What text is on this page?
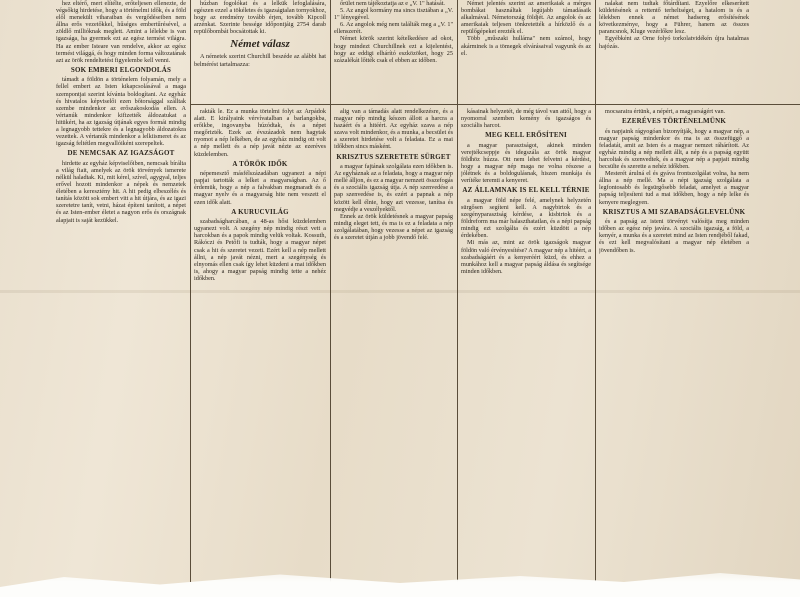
hez eltérő, mert elítélte, erőteljesen ellenezte, de végsőkig hirdetése, hogy a történelmi idők, és a föld elől menekült viharaiban és vergődéseiben nem állna erős vezetőkkel, hűséges embertűrésével, a zöldlő millióknak meglett. Amint a lélekbe is van igazsága, ha gyermek ezt az egész termést világra. Ha az ember Isteare van rendelve, akkor az egész termést világgá, és hogy minden forma változatának azt az örök rendeltetést figyelembe kell venni.

SOK EMBERI ELGONDOLÁS

támadt a földön a történelem folyamán, mely a fellel embert az Isten kikapcsolásával a maga szempontjai szerint kívánta boldogítani. Az egyház és hivatalos képviselői ezen bőtorsággal szálltak szembe mindenkor az erőszakoskodás ellen. A vértanúk mindenkor kifizették áldozatukat a hitükért, ha az igazság útjának egyes formái mindig a legnagyobb tettekre és a legnagyobb áldozatokra vezettek. A vértanúk mindenkor a lelkiismeret és az igazság feltétlen megvallóiként szerepeltek.

DE NEMCSAK AZ IGAZSÁGOT

hirdette az egyház képviselőiben, nemcsak bírálta a világ fiait, amelyek az örök törvények ismerete nélkül haladtak. Ki, mit kérel, szível, agygyal, teljes erővel hozott mindenkor a népek és nemzetek életében a keresztény hit. A hit pedig elbeszélés és tanítás között sok embert vitt a hit útjára, és az igazi szeretetre tanít, vetni, házat építeni tanított, a népet és az Isten-ember életet a nagyon erős és országnak alapjait is saját kezükkel.

húzban fogolókat és a lelkük lefoglalására, egészen ezzel a tökéletes és igazságtalan tornyokhoz, hogy az eredmény tovább érjen, tovább Kipcoll arzénkat. Szerinte bessége időpontjáig 2754 darab repülőbombát bocsátottak ki.

Német válasz

A németek szerint Churchill beszéde az alábbi hat belmérést tartalmazza:

rakták le. Ez a munka törtelmi folyt az Árpádok alatt. E királyaink vérvívatalban a barlangokba, erőikbe, ingovanyba húzódtak, és a népet megőrizték. Ezek az évszázadok nem hagytak nyomot a nép lelkében, de az egyház mindig ott volt a nép mellett és a nép javát nézte az ezeréves küzdelemben.

A TÖRÖK IDŐK

népemesztő másfélszázadában ugyanezt a népi papjai tartották a lelket a magyarságban. Az ő érdemük, hogy a nép a falvakban megmaradt és a magyar nyelv és a magyarság hite nem veszett el ezen idők alatt.

A KURUCVILÁG

szabadságharcában, a 48-as hősi küzdelemben ugyanezt volt. A szegény nép mindig részt vett a harcokban és a papok mindig velük voltak. Kossuth, Rákóczi és Petőfi is tudták, hogy a magyar népet csak a hit és szeretet vezeti. Ezért kell a nép mellett állni, a nép javát nézni, mert a szegénység és elnyomás ellen csak így lehet küzdeni a mai időkben is, ahogy a magyar papság mindig tette a nehéz időkben.

őrület nem tájékoztatja az e „V. 1" hatását.

5. Az angol kormány ma sincs tisztában a „V. 1" lényegével.

6. Az angolok még nem találták meg a „V. 1" ellenszerét.

Német körök szerint kételkedésre ad okot, hogy mindezt Churchillnek ezt a kijelentést, hogy az eddigi elhárító eszközöket, hogy 25 százalékát lőtték csak el ebben az időben.

alig van a támadás alatt rendelkezésre, és a magyar nép mindig készen állott a harcra a hazáért és a hitéért. Az egyház szava a nép szava volt mindenkor, és a munka, a becsület és a szeretet hirdetése volt a feladata. Ez a mai időkben sincs másként.

KRISZTUS SZERETETE SÜRGET

a magyar fajtának szolgálata ezen időkben is. Az egyháznak az a feladata, hogy a magyar nép mellé álljon, és ez a magyar nemzeti összefogás és a szociális igazság útja. A nép szenvedése a pap szenvedése is, és ezért a papnak a nép között kell élnie, hogy azt vezesse, tanítsa és megvédje a veszélyektől.

Ennek az örök küldetésnek a magyar papság mindig eleget tett, és ma is ez a feladata a nép szolgálatában, hogy vezesse a népet az igazság és a szeretet útján a jobb jövendő felé.

Német jelentés szerint az amerikaiak a mérges bombákat használtak legújabb támadásaik alkalmával. Németország földjét. Az angolok és az amerikaiak teljesen tönkretették a hírközlő és a repülőgépeket erezték el.

Több „műszaki hulláma" nem számol, hogy akárminek is a tömegek elvárásaival vagyunk és az el.

kásainak helyzetét, de még távol van attól, hogy a nyomorral szemben kemény és igazságos és szociális harcot.

MEG KELL ERŐSÍTENI

a magyar parasztságot, akinek minden verejtékcseppje és idegszála az örök magyar földhöz húzza. Ott nem lehet felvetni a kérdést, hogy a magyar nép maga ne volna részese a jólétnek és a boldogulásnak, hiszen munkája és verítéke teremti a kenyeret.

AZ ÁLLAMNAK IS EL KELL TÉRNIE

a magyar föld népe felé, amelynek helyzetén sürgősen segíteni kell. A nagybirtok és a szegényparasztság kérdése, a kisbirtok és a földreform ma már halaszthatatlan, és a népi papság mindig ezt szolgálta és ezért küzdött a nép érdekében.

Mi más az, mint az örök igazságok magyar földön való érvényesítése? A magyar nép a hitéért, a szabadságáért és a kenyeréért küzd, és ehhez a munkához kell a magyar papság áldása és segítsége minden időkben.

nalakat nem tudtak főtárdítani. Ezyelőre elkeserített küldetésének a rettentő terheltséget, a hatalom is és a lélekben ennek a német hadsereg erősítésének következménye, hogy a Führer, hanem az összes parancsnok, Kluge vezérlőkre lesz.

Egyébként az Orne folyó torkolatvidékén újra hatalmas hajózás.

mocsaraira értünk, a népért, a magyarságért van.

EZERÉVES TÖRTÉNELMÜNK

és napjaink rágyogóan bizonyítják, hogy a magyar nép, a magyar papság mindenkor és ma is az összefüggő a feladatát, amit az Isten és a magyar nemzet ráhárított. Az egyház mindig a nép mellett állt, a nép és a papság együtt harcoltak és szenvedtek, és a magyar nép a papjait mindig becsülte és szerette a nehéz időkben.

Mesterét árulná el és gyáva frontszolgálat volna, ha nem állna a nép mellé. Ma a népi igazság szolgálata a legfontosabb és legsürgősebb feladat, amelyet a magyar papság teljesíteni tud a mai időkben, hogy a nép lelke és kenyere meglegyen.

KRISZTUS A MI SZABADSÁGLEVELÜNK

és a papság az isteni törvényt valósítja meg minden időben az egész nép javára. A szociális igazság, a föld, a kenyér, a munka és a szeretet mind az Isten rendjéből fakad, és ezt kell megvalósítani a magyar nép életében a jövendőben is.
